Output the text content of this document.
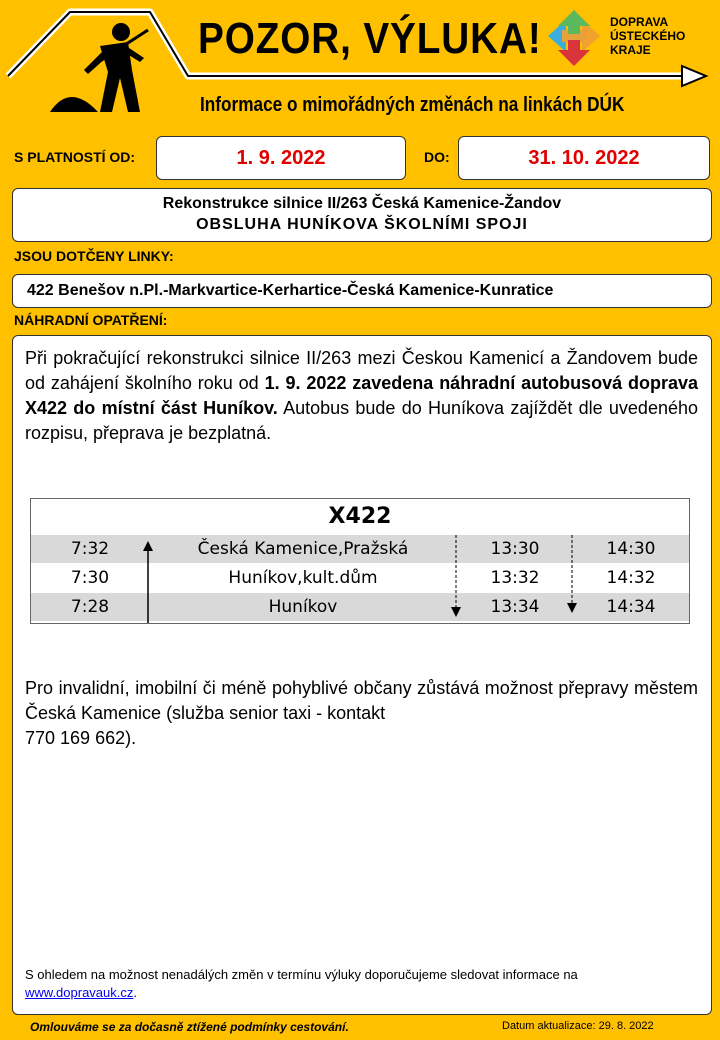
POZOR, VÝLUKA!
Informace o mimořádných změnách na linkách DÚK
DOPRAVA
ÚSTECKÉHO
KRAJE
S PLATNOSTÍ OD:	1. 9. 2022	DO:	31. 10. 2022
Rekonstrukce silnice II/263 Česká Kamenice-Žandov
OBSLUHA HUNÍKOVA ŠKOLNÍMI SPOJI
JSOU DOTČENY LINKY:
422 Benešov n.Pl.-Markvartice-Kerhartice-Česká Kamenice-Kunratice
NÁHRADNÍ OPATŘENÍ:
Při pokračující rekonstrukci silnice II/263 mezi Českou Kamenicí a Žandovem bude od zahájení školního roku od 1. 9. 2022 zavedena náhradní autobusová doprava X422 do místní část Huníkov. Autobus bude do Huníkova zajíždět dle uvedeného rozpisu, přeprava je bezplatná.
X422
7:32	Česká Kamenice,Pražská	13:30	14:30
7:30	Huníkov,kult.dům	13:32	14:32
7:28	Huníkov	13:34	14:34
Pro invalidní, imobilní či méně pohyblivé občany zůstává možnost přepravy městem Česká Kamenice (služba senior taxi - kontakt
770 169 662).
S ohledem na možnost nenadálých změn v termínu výluky doporučujeme sledovat informace na
www.dopravauk.cz.
Omlouváme se za dočasně ztížené podmínky cestování.	Datum aktualizace: 29. 8. 2022
